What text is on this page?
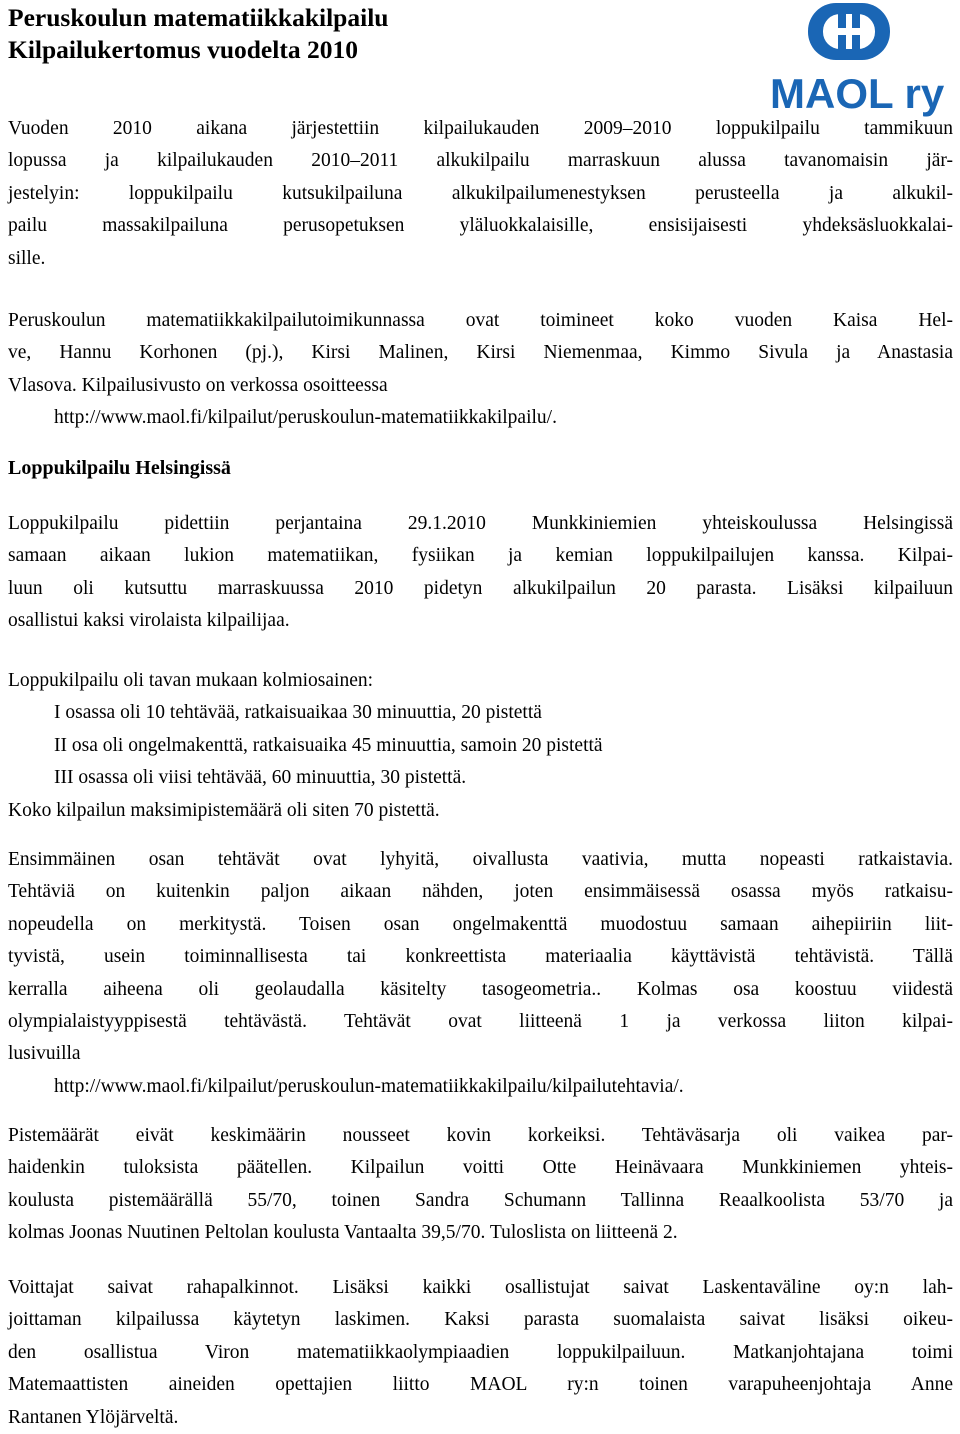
Peruskoulun matematiikkakilpailu
Kilpailukertomus vuodelta 2010
MAOL ry
Vuoden 2010 aikana järjestettiin kilpailukauden 2009–2010 loppukilpailu tammikuun
lopussa ja kilpailukauden 2010–2011 alkukilpailu marraskuun alussa tavanomaisin jär-
jestelyin: loppukilpailu kutsukilpailuna alkukilpailumenestyksen perusteella ja alkukil-
pailu massakilpailuna perusopetuksen yläluokkalaisille, ensisijaisesti yhdeksäsluokkalai-
sille.
Peruskoulun matematiikkakilpailutoimikunnassa ovat toimineet koko vuoden Kaisa Hel-
ve, Hannu Korhonen (pj.), Kirsi Malinen, Kirsi Niemenmaa, Kimmo Sivula ja Anastasia
Vlasova. Kilpailusivusto on verkossa osoitteessa
http://www.maol.fi/kilpailut/peruskoulun-matematiikkakilpailu/.
Loppukilpailu Helsingissä
Loppukilpailu pidettiin perjantaina 29.1.2010 Munkkiniemien yhteiskoulussa Helsingissä
samaan aikaan lukion matematiikan, fysiikan ja kemian loppukilpailujen kanssa. Kilpai-
luun oli kutsuttu marraskuussa 2010 pidetyn alkukilpailun 20 parasta. Lisäksi kilpailuun
osallistui kaksi virolaista kilpailijaa.
Loppukilpailu oli tavan mukaan kolmiosainen:
I osassa oli 10 tehtävää, ratkaisuaikaa 30 minuuttia, 20 pistettä
II osa oli ongelmakenttä, ratkaisuaika 45 minuuttia, samoin 20 pistettä
III osassa oli viisi tehtävää, 60 minuuttia, 30 pistettä.
Koko kilpailun maksimipistemäärä oli siten 70 pistettä.
Ensimmäinen osan tehtävät ovat lyhyitä, oivallusta vaativia, mutta nopeasti ratkaistavia.
Tehtäviä on kuitenkin paljon aikaan nähden, joten ensimmäisessä osassa myös ratkaisu-
nopeudella on merkitystä. Toisen osan ongelmakenttä muodostuu samaan aihepiiriin liit-
tyvistä, usein toiminnallisesta tai konkreettista materiaalia käyttävistä tehtävistä. Tällä
kerralla aiheena oli geolaudalla käsitelty tasogeometria.. Kolmas osa koostuu viidestä
olympialaistyyppisestä tehtävästä. Tehtävät ovat liitteenä 1 ja verkossa liiton kilpai-
lusivuilla
http://www.maol.fi/kilpailut/peruskoulun-matematiikkakilpailu/kilpailutehtavia/.
Pistemäärät eivät keskimäärin nousseet kovin korkeiksi. Tehtäväsarja oli vaikea par-
haidenkin tuloksista päätellen. Kilpailun voitti Otte Heinävaara Munkkiniemen yhteis-
koulusta pistemäärällä 55/70, toinen Sandra Schumann Tallinna Reaalkoolista 53/70 ja
kolmas Joonas Nuutinen Peltolan koulusta Vantaalta 39,5/70. Tuloslista on liitteenä 2.
Voittajat saivat rahapalkinnot. Lisäksi kaikki osallistujat saivat Laskentaväline oy:n lah-
joittaman kilpailussa käytetyn laskimen. Kaksi parasta suomalaista saivat lisäksi oikeu-
den osallistua Viron matematiikkaolympiaadien loppukilpailuun. Matkanjohtajana toimi
Matemaattisten aineiden opettajien liitto MAOL ry:n toinen varapuheenjohtaja Anne
Rantanen Ylöjärveltä.
